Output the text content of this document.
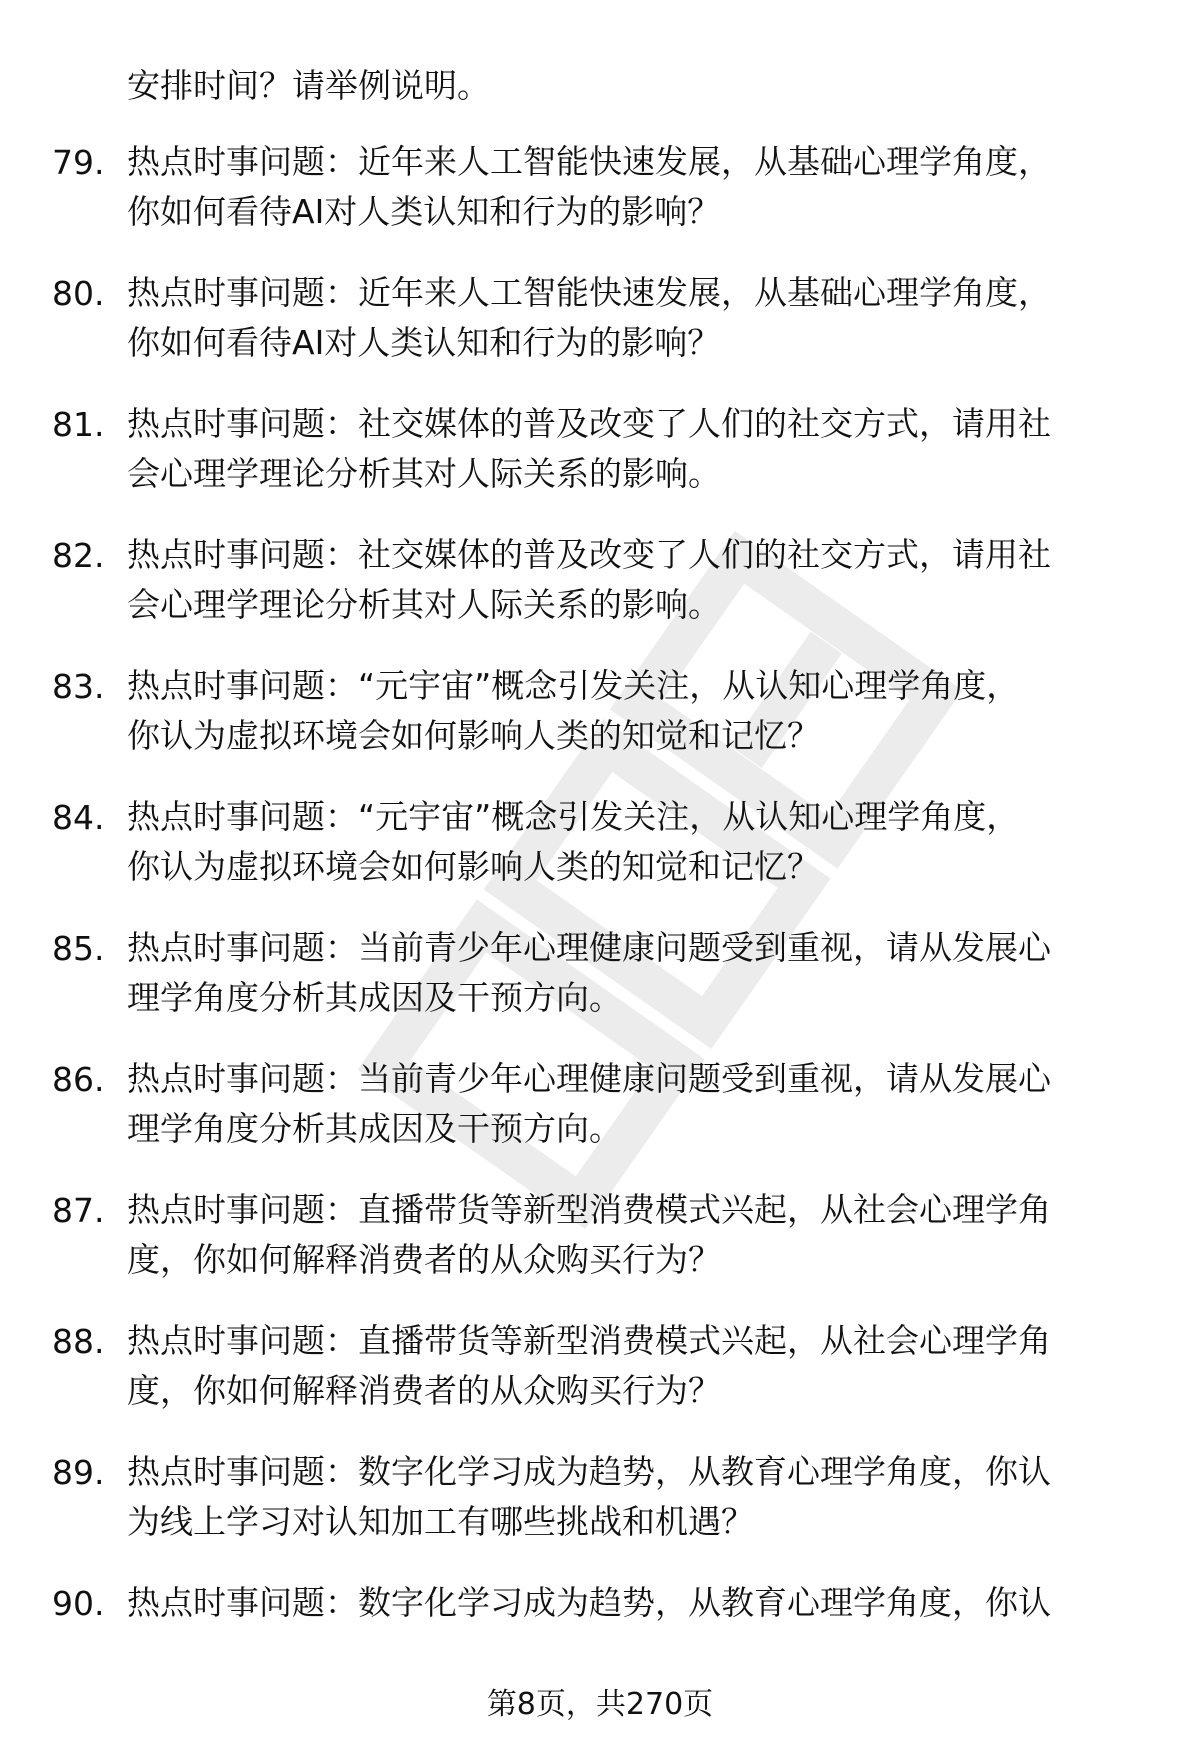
安排时间？请举例说明。
79. 热点时事问题：近年来人工智能快速发展，从基础心理学角度，
你如何看待AI对人类认知和行为的影响？
80. 热点时事问题：近年来人工智能快速发展，从基础心理学角度，
你如何看待AI对人类认知和行为的影响？
81. 热点时事问题：社交媒体的普及改变了人们的社交方式，请用社
会心理学理论分析其对人际关系的影响。
82. 热点时事问题：社交媒体的普及改变了人们的社交方式，请用社
会心理学理论分析其对人际关系的影响。
83. 热点时事问题：“元宇宙”概念引发关注，从认知心理学角度，
你认为虚拟环境会如何影响人类的知觉和记忆？
84. 热点时事问题：“元宇宙”概念引发关注，从认知心理学角度，
你认为虚拟环境会如何影响人类的知觉和记忆？
85. 热点时事问题：当前青少年心理健康问题受到重视，请从发展心
理学角度分析其成因及干预方向。
86. 热点时事问题：当前青少年心理健康问题受到重视，请从发展心
理学角度分析其成因及干预方向。
87. 热点时事问题：直播带货等新型消费模式兴起，从社会心理学角
度，你如何解释消费者的从众购买行为？
88. 热点时事问题：直播带货等新型消费模式兴起，从社会心理学角
度，你如何解释消费者的从众购买行为？
89. 热点时事问题：数字化学习成为趋势，从教育心理学角度，你认
为线上学习对认知加工有哪些挑战和机遇？
90. 热点时事问题：数字化学习成为趋势，从教育心理学角度，你认
第8页，共270页
